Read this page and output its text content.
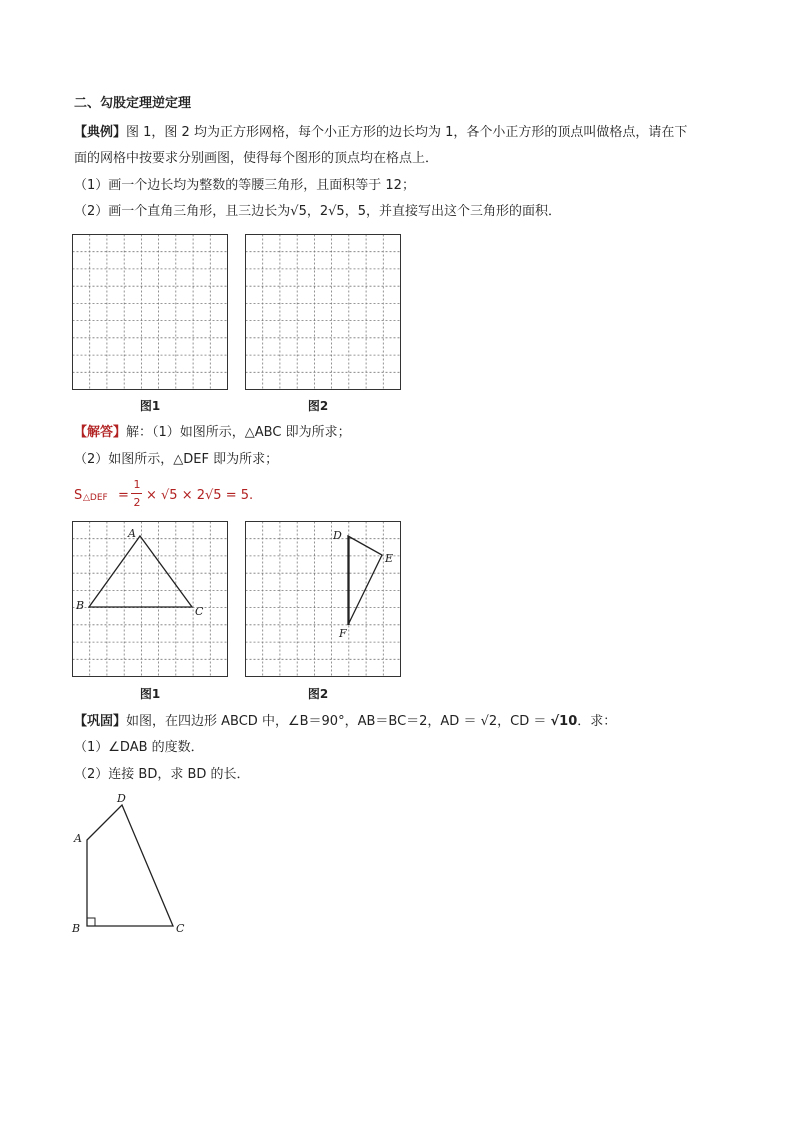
二、勾股定理逆定理
【典例】图 1，图 2 均为正方形网格，每个小正方形的边长均为 1，各个小正方形的顶点叫做格点，请在下
面的网格中按要求分别画图，使得每个图形的顶点均在格点上．
（1）画一个边长均为整数的等腰三角形，且面积等于 12；
（2）画一个直角三角形，且三边长为√5，2√5，5，并直接写出这个三角形的面积．
图1	图2
【解答】解：（1）如图所示，△ABC 即为所求；
（2）如图所示，△DEF 即为所求；
S △DEF =
1
2 × √5 × 2√5 = 5.
A
B	C
D
E
F
图1	图2
【巩固】如图，在四边形 ABCD 中，∠B＝90°，AB＝BC＝2，AD ＝ √2，CD ＝ √10．求：
（1）∠DAB 的度数．
（2）连接 BD，求 BD 的长．
A
B	C
D
